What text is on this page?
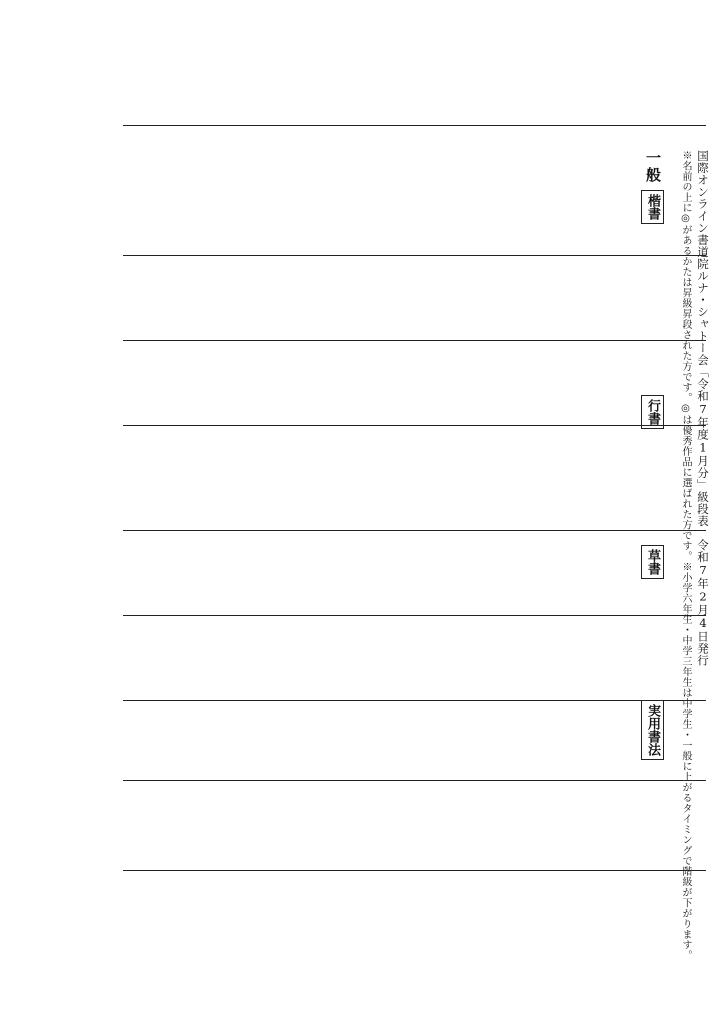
国際オンライン書道院ルナ・シャトー会「令和7年度1月分」級段表　令和7年2月4日発行
※名前の上に◎があるかたは昇級昇段された方です。◎は優秀作品に選ばれた方です。※小学六年生・中学三年生は中学生・一般に上がるタイミングで階級が下がります。
一般
楷書
行書
草書
実用書法
